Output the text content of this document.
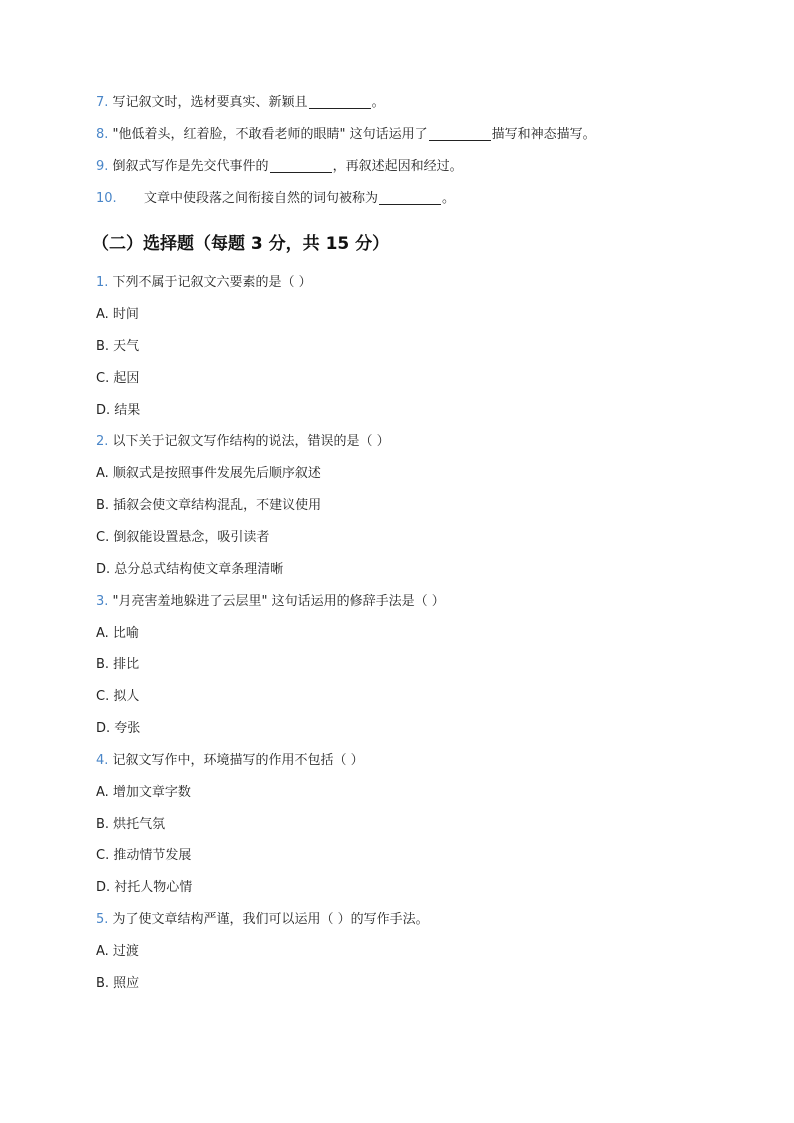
7. 写记叙文时，选材要真实、新颖且	。
8. "他低着头，红着脸，不敢看老师的眼睛" 这句话运用了	描写和神态描写。
9. 倒叙式写作是先交代事件的	，再叙述起因和经过。
10. 文章中使段落之间衔接自然的词句被称为	。
（二）选择题（每题 3 分，共 15 分）
1. 下列不属于记叙文六要素的是（ ）
A. 时间
B. 天气
C. 起因
D. 结果
2. 以下关于记叙文写作结构的说法，错误的是（ ）
A. 顺叙式是按照事件发展先后顺序叙述
B. 插叙会使文章结构混乱，不建议使用
C. 倒叙能设置悬念，吸引读者
D. 总分总式结构使文章条理清晰
3. "月亮害羞地躲进了云层里" 这句话运用的修辞手法是（ ）
A. 比喻
B. 排比
C. 拟人
D. 夸张
4. 记叙文写作中，环境描写的作用不包括（ ）
A. 增加文章字数
B. 烘托气氛
C. 推动情节发展
D. 衬托人物心情
5. 为了使文章结构严谨，我们可以运用（ ）的写作手法。
A. 过渡
B. 照应
